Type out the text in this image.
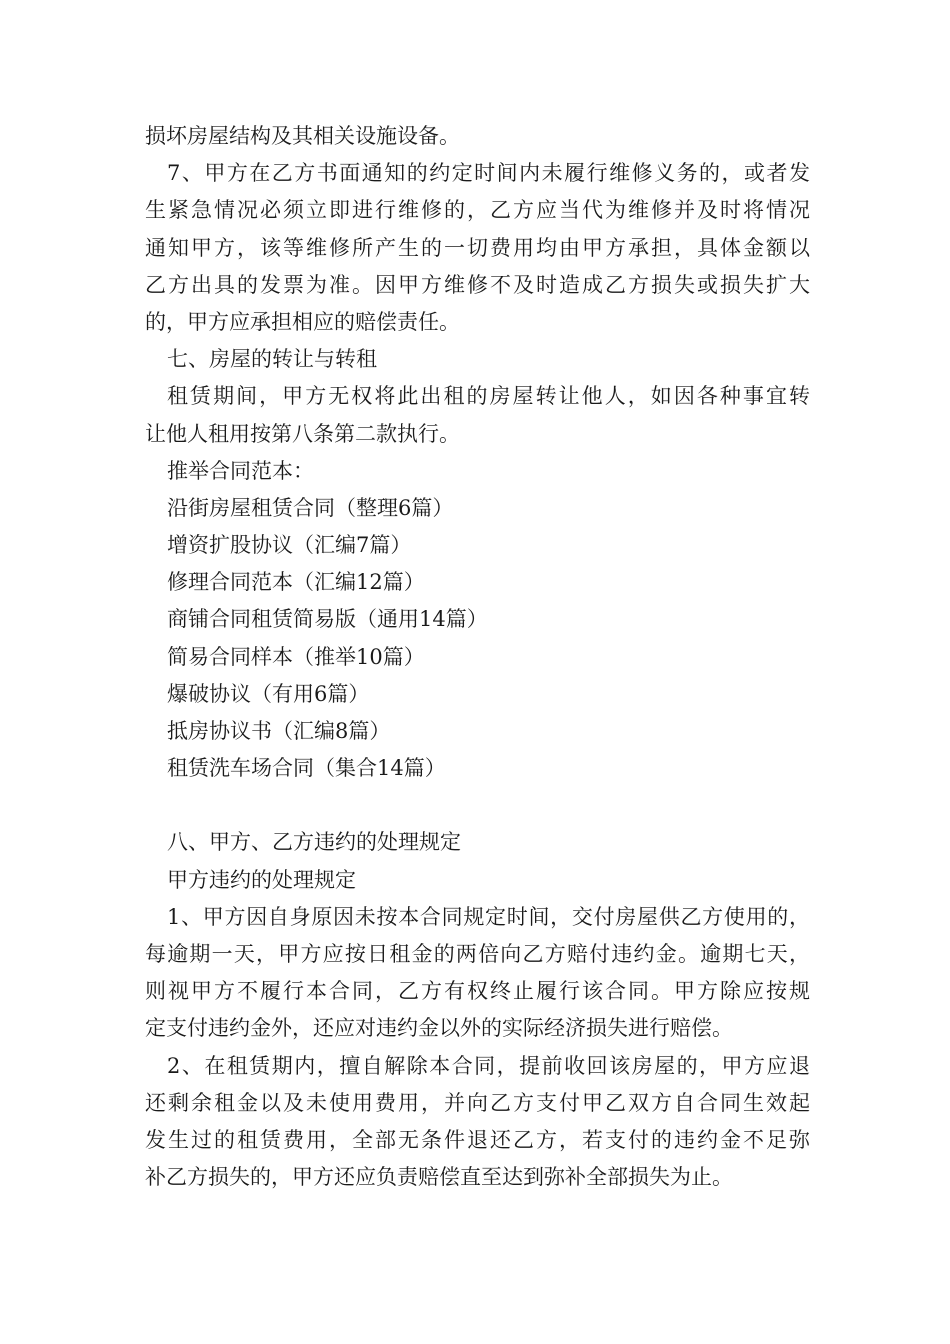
损坏房屋结构及其相关设施设备。
7、甲方在乙方书面通知的约定时间内未履行维修义务的，或者发
生紧急情况必须立即进行维修的，乙方应当代为维修并及时将情况
通知甲方，该等维修所产生的一切费用均由甲方承担，具体金额以
乙方出具的发票为准。因甲方维修不及时造成乙方损失或损失扩大
的，甲方应承担相应的赔偿责任。
七、房屋的转让与转租
租赁期间，甲方无权将此出租的房屋转让他人，如因各种事宜转
让他人租用按第八条第二款执行。
推举合同范本：
沿街房屋租赁合同（整理6篇）
增资扩股协议（汇编7篇）
修理合同范本（汇编12篇）
商铺合同租赁简易版（通用14篇）
简易合同样本（推举10篇）
爆破协议（有用6篇）
抵房协议书（汇编8篇）
租赁洗车场合同（集合14篇）
八、甲方、乙方违约的处理规定
甲方违约的处理规定
1、甲方因自身原因未按本合同规定时间，交付房屋供乙方使用的，
每逾期一天，甲方应按日租金的两倍向乙方赔付违约金。逾期七天，
则视甲方不履行本合同，乙方有权终止履行该合同。甲方除应按规
定支付违约金外，还应对违约金以外的实际经济损失进行赔偿。
2、在租赁期内，擅自解除本合同，提前收回该房屋的，甲方应退
还剩余租金以及未使用费用，并向乙方支付甲乙双方自合同生效起
发生过的租赁费用，全部无条件退还乙方，若支付的违约金不足弥
补乙方损失的，甲方还应负责赔偿直至达到弥补全部损失为止。
